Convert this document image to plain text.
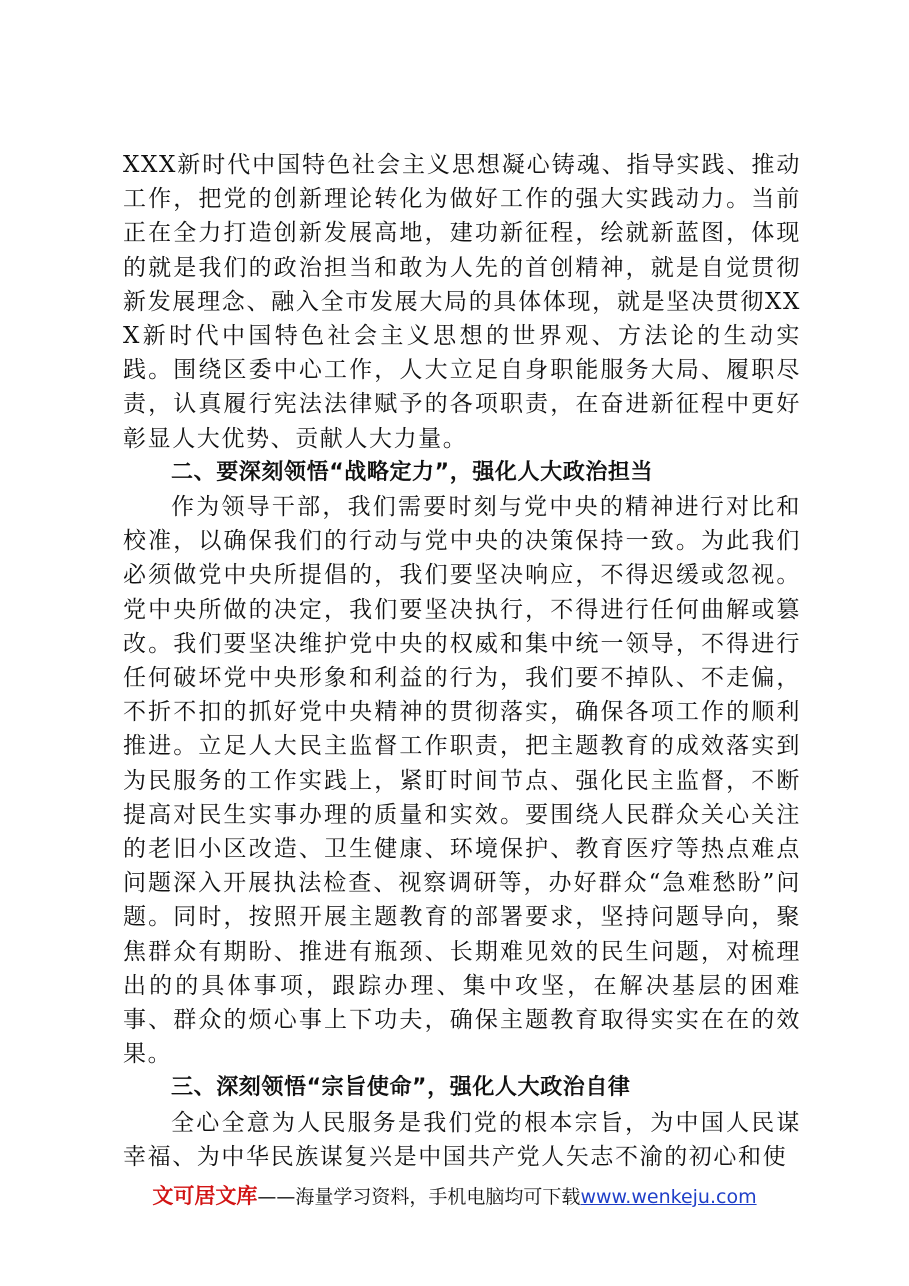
XXX新时代中国特色社会主义思想凝心铸魂、指导实践、推动工作，把党的创新理论转化为做好工作的强大实践动力。当前正在全力打造创新发展高地，建功新征程，绘就新蓝图，体现的就是我们的政治担当和敢为人先的首创精神，就是自觉贯彻新发展理念、融入全市发展大局的具体体现，就是坚决贯彻XXX新时代中国特色社会主义思想的世界观、方法论的生动实践。围绕区委中心工作，人大立足自身职能服务大局、履职尽责，认真履行宪法法律赋予的各项职责，在奋进新征程中更好彰显人大优势、贡献人大力量。

二、要深刻领悟“战略定力”，强化人大政治担当

作为领导干部，我们需要时刻与党中央的精神进行对比和校准，以确保我们的行动与党中央的决策保持一致。为此我们必须做党中央所提倡的，我们要坚决响应，不得迟缓或忽视。党中央所做的决定，我们要坚决执行，不得进行任何曲解或篡改。我们要坚决维护党中央的权威和集中统一领导，不得进行任何破坏党中央形象和利益的行为，我们要不掉队、不走偏，不折不扣的抓好党中央精神的贯彻落实，确保各项工作的顺利推进。立足人大民主监督工作职责，把主题教育的成效落实到为民服务的工作实践上，紧盯时间节点、强化民主监督，不断提高对民生实事办理的质量和实效。要围绕人民群众关心关注的老旧小区改造、卫生健康、环境保护、教育医疗等热点难点问题深入开展执法检查、视察调研等，办好群众“急难愁盼”问题。同时，按照开展主题教育的部署要求，坚持问题导向，聚焦群众有期盼、推进有瓶颈、长期难见效的民生问题，对梳理出的的具体事项，跟踪办理、集中攻坚，在解决基层的困难事、群众的烦心事上下功夫，确保主题教育取得实实在在的效果。

三、深刻领悟“宗旨使命”，强化人大政治自律

全心全意为人民服务是我们党的根本宗旨，为中国人民谋幸福、为中华民族谋复兴是中国共产党人矢志不渝的初心和使

文可居文库——海量学习资料，手机电脑均可下载www.wenkeju.com
